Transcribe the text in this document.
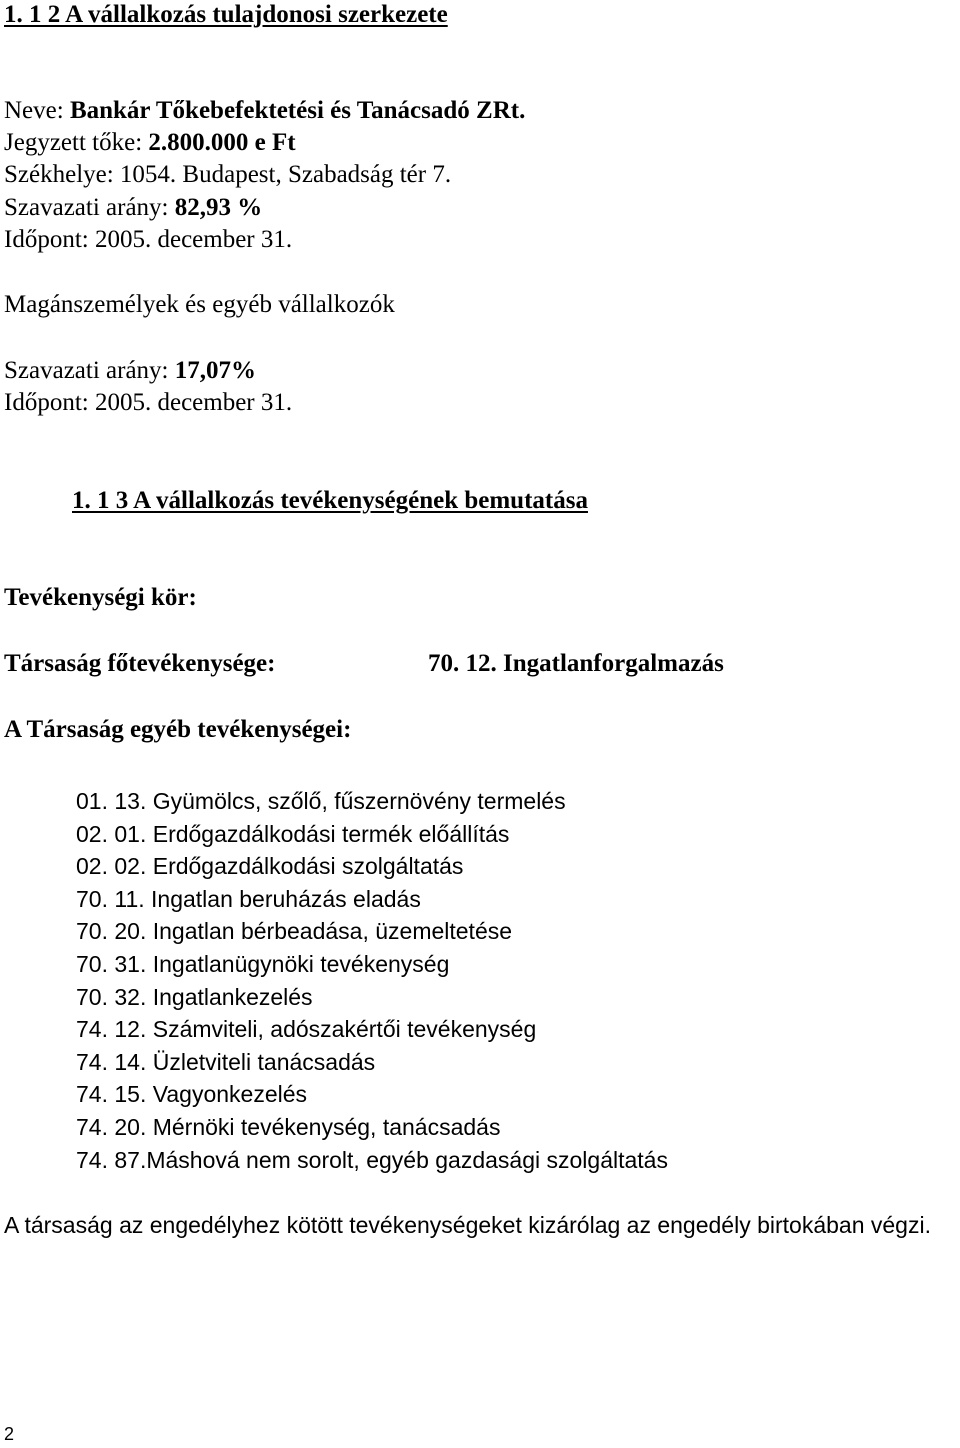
1. 1 2 A vállalkozás tulajdonosi szerkezete

Neve: Bankár Tőkebefektetési és Tanácsadó ZRt.

Jegyzett tőke: 2.800.000 e Ft

Székhelye: 1054. Budapest, Szabadság tér 7.

Szavazati arány: 82,93 %

Időpont: 2005. december 31.

Magánszemélyek és egyéb vállalkozók

Szavazati arány: 17,07%

Időpont: 2005. december 31.

1. 1 3 A vállalkozás tevékenységének bemutatása

Tevékenységi kör:

Társaság főtevékenysége:	70. 12. Ingatlanforgalmazás

A Társaság egyéb tevékenységei:

01. 13. Gyümölcs, szőlő, fűszernövény termelés
02. 01. Erdőgazdálkodási termék előállítás
02. 02. Erdőgazdálkodási szolgáltatás
70. 11. Ingatlan beruházás eladás
70. 20. Ingatlan bérbeadása, üzemeltetése
70. 31. Ingatlanügynöki tevékenység
70. 32. Ingatlankezelés
74. 12. Számviteli, adószakértői tevékenység
74. 14. Üzletviteli tanácsadás
74. 15. Vagyonkezelés
74. 20. Mérnöki tevékenység, tanácsadás
74. 87.Máshová nem sorolt, egyéb gazdasági szolgáltatás

A társaság az engedélyhez kötött tevékenységeket kizárólag az engedély birtokában végzi.

2
